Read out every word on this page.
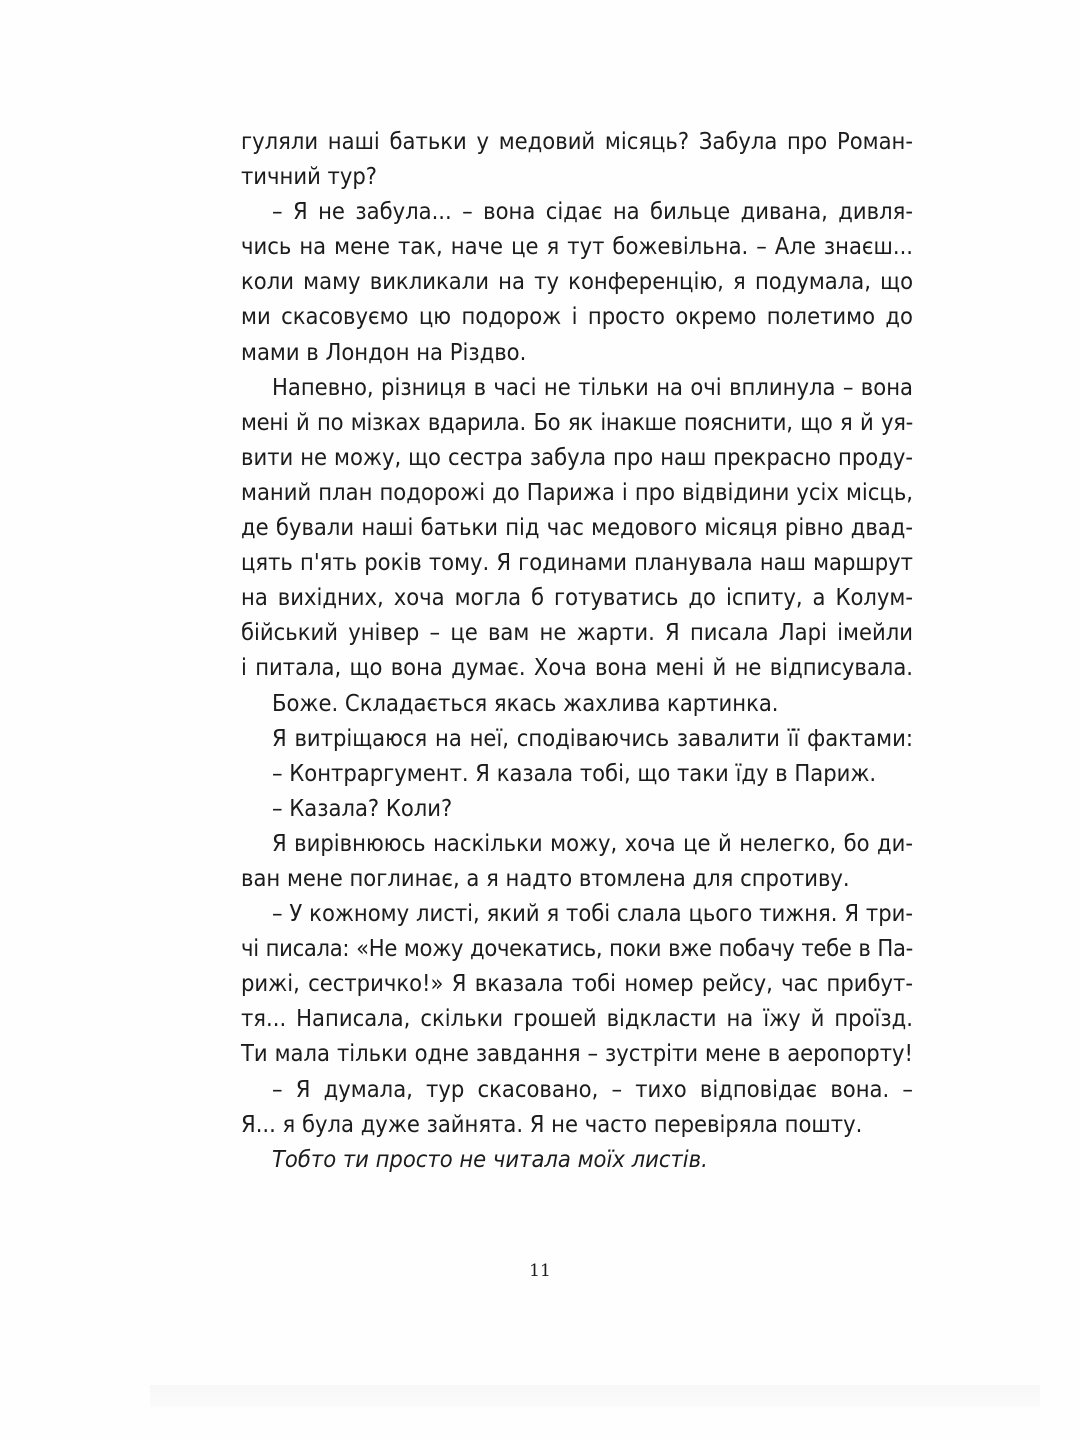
гуляли наші батьки у медовий місяць? Забула про Роман-
тичний тур?
– Я не забула... – вона сідає на бильце дивана, дивля-
чись на мене так, наче це я тут божевільна. – Але знаєш...
коли маму викликали на ту конференцію, я подумала, що
ми скасовуємо цю подорож і просто окремо полетимо до
мами в Лондон на Різдво.
Напевно, різниця в часі не тільки на очі вплинула – вона
мені й по мізках вдарила. Бо як інакше пояснити, що я й уя-
вити не можу, що сестра забула про наш прекрасно проду-
маний план подорожі до Парижа і про відвідини усіх місць,
де бували наші батьки під час медового місяця рівно двад-
цять п'ять років тому. Я годинами планувала наш маршрут
на вихідних, хоча могла б готуватись до іспиту, а Колум-
бійський універ – це вам не жарти. Я писала Ларі імейли
і питала, що вона думає. Хоча вона мені й не відписувала.
Боже. Складається якась жахлива картинка.
Я витріщаюся на неї, сподіваючись завалити її фактами:
– Контраргумент. Я казала тобі, що таки їду в Париж.
– Казала? Коли?
Я вирівнююсь наскільки можу, хоча це й нелегко, бо ди-
ван мене поглинає, а я надто втомлена для спротиву.
– У кожному листі, який я тобі слала цього тижня. Я три-
чі писала: «Не можу дочекатись, поки вже побачу тебе в Па-
рижі, сестричко!» Я вказала тобі номер рейсу, час прибут-
тя... Написала, скільки грошей відкласти на їжу й проїзд.
Ти мала тільки одне завдання – зустріти мене в аеропорту!
– Я думала, тур скасовано, – тихо відповідає вона. –
Я... я була дуже зайнята. Я не часто перевіряла пошту.
Тобто ти просто не читала моїх листів.
11
